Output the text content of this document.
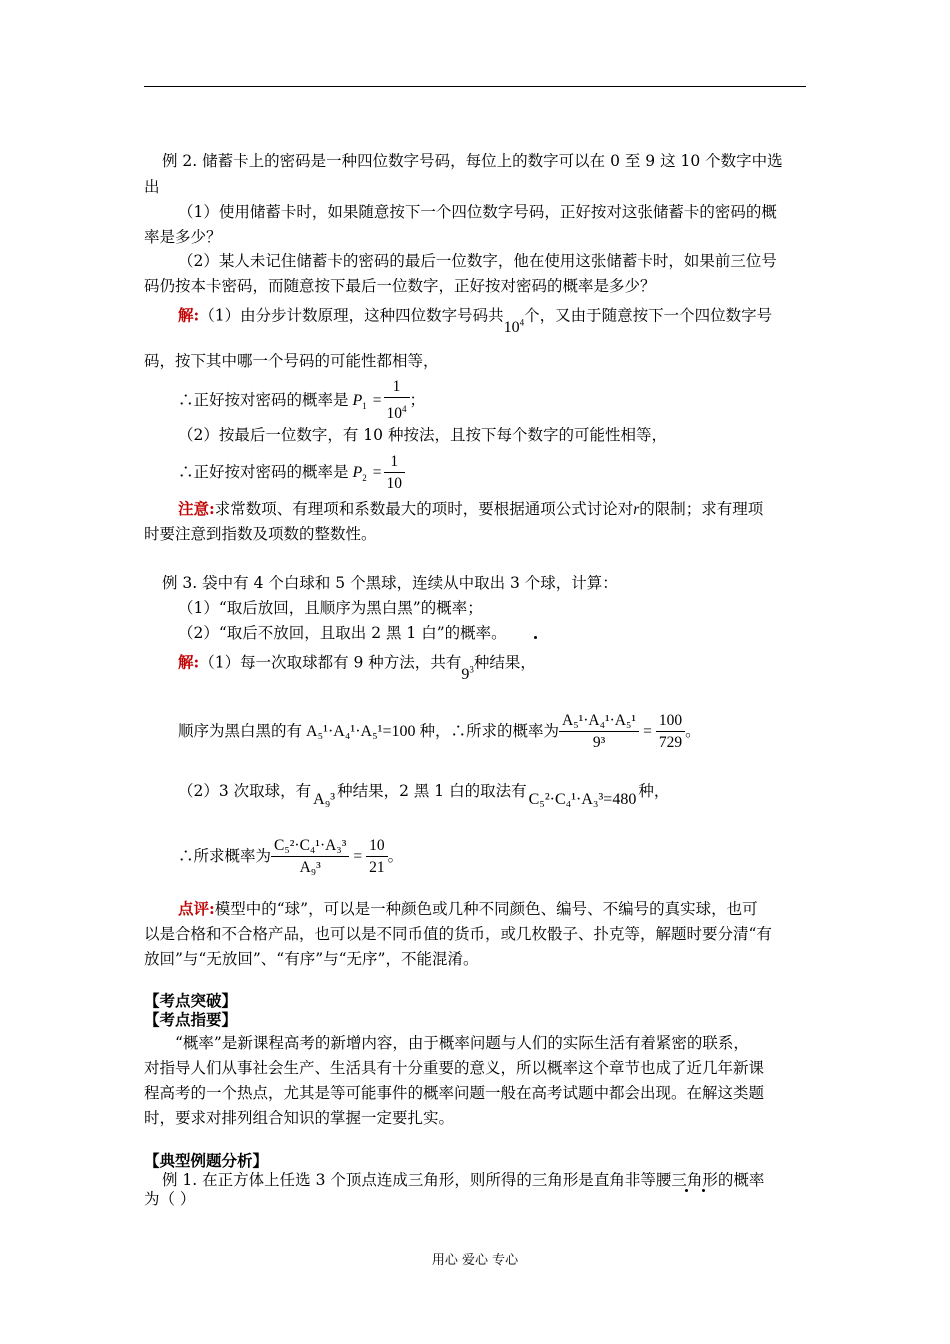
例 2. 储蓄卡上的密码是一种四位数字号码，每位上的数字可以在 0 至 9 这 10 个数字中选
出
（1）使用储蓄卡时，如果随意按下一个四位数字号码，正好按对这张储蓄卡的密码的概
率是多少？
（2）某人未记住储蓄卡的密码的最后一位数字，他在使用这张储蓄卡时，如果前三位号
码仍按本卡密码，而随意按下最后一位数字，正好按对密码的概率是多少？
解:（1）由分步计数原理，这种四位数字号码共$10^4$个，又由于随意按下一个四位数字号
码，按下其中哪一个号码的可能性都相等，
∴正好按对密码的概率是 $P_1 = \frac{1}{10^4}$ ；
（2）按最后一位数字，有 10 种按法，且按下每个数字的可能性相等，
∴正好按对密码的概率是 $P_2 = \frac{1}{10}$
注意:求常数项、有理项和系数最大的项时，要根据通项公式讨论对r的限制；求有理项
时要注意到指数及项数的整数性。
例 3. 袋中有 4 个白球和 5 个黑球，连续从中取出 3 个球，计算：
（1）“取后放回，且顺序为黑白黑”的概率；
（2）“取后不放回，且取出 2 黑 1 白”的概率。
解:（1）每一次取球都有 9 种方法，共有$9^3$种结果，
顺序为黑白黑的有 A₅¹·A₄¹·A₅¹=100 种，∴所求的概率为 $\frac{\text{A₅¹·A₄¹·A₅¹}}{\text{9³}} = \frac{100}{729}$ 。
（2）3 次取球，有 A₉³ 种结果，2 黑 1 白的取法有 C₅²·C₄¹·A₃³=480 种，
∴所求概率为 $\frac{\text{C₅²·C₄¹·A₃³}}{\text{A₉³}} = \frac{10}{21}$ 。
点评:模型中的“球”，可以是一种颜色或几种不同颜色、编号、不编号的真实球，也可
以是合格和不合格产品，也可以是不同币值的货币，或几枚骰子、扑克等，解题时要分清“有
放回”与“无放回”、“有序”与“无序”，不能混淆。
【考点突破】
【考点指要】
“概率”是新课程高考的新增内容，由于概率问题与人们的实际生活有着紧密的联系，
对指导人们从事社会生产、生活具有十分重要的意义，所以概率这个章节也成了近几年新课
程高考的一个热点，尤其是等可能事件的概率问题一般在高考试题中都会出现。在解这类题
时，要求对排列组合知识的掌握一定要扎实。
【典型例题分析】
例 1. 在正方体上任选 3 个顶点连成三角形，则所得的三角形是直角非等腰三角形的概率
为（ ）
用心 爱心 专心
